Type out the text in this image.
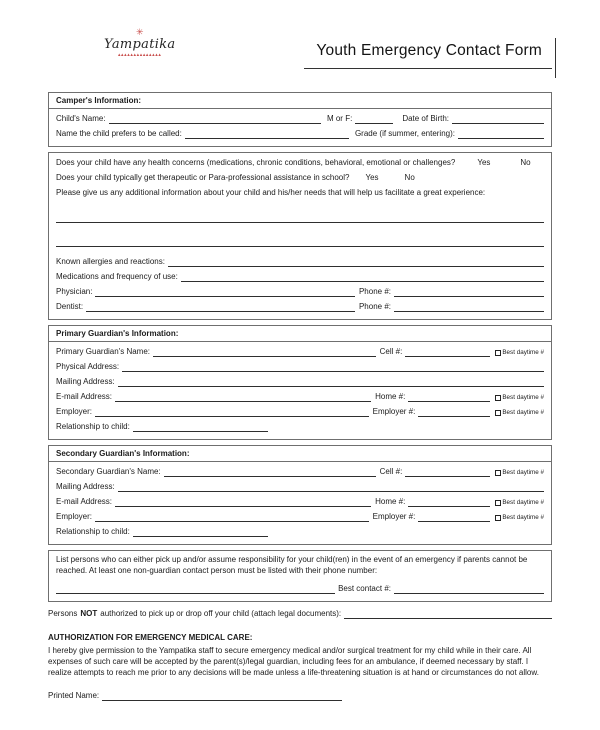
✳
Yampatika
▴▴▴▴▴▴▴▴▴▴▴▴▴▴	Youth Emergency Contact Form
Camper's Information:
Child's Name:	M or F:	Date of Birth:
Name the child prefers to be called:	Grade (if summer, entering):
Does your child have any health concerns (medications, chronic conditions, behavioral, emotional or challenges?	Yes	No
Does your child typically get therapeutic or Para-professional assistance in school? Yes	No
Please give us any additional information about your child and his/her needs that will help us facilitate a great experience:
Known allergies and reactions:
Medications and frequency of use:
Physician:	Phone #:
Dentist:	Phone #:
Primary Guardian's Information:
Primary Guardian's Name:	Cell #:	Best daytime #
Physical Address:
Mailing Address:
E-mail Address:	Home #:	Best daytime #
Employer:	Employer #:	Best daytime #
Relationship to child:
Secondary Guardian's Information:
Secondary Guardian's Name:	Cell #:	Best daytime #
Mailing Address:
E-mail Address:	Home #:	Best daytime #
Employer:	Employer #:	Best daytime #
Relationship to child:
List persons who can either pick up and/or assume responsibility for your child(ren) in the event of an emergency if parents cannot be reached. At least one non-guardian contact person must be listed with their phone number:
Best contact #:
Persons NOT authorized to pick up or drop off your child (attach legal documents):
AUTHORIZATION FOR EMERGENCY MEDICAL CARE:
I hereby give permission to the Yampatika staff to secure emergency medical and/or surgical treatment for my child while in their care. All expenses of such care will be accepted by the parent(s)/legal guardian, including fees for an ambulance, if deemed necessary by staff. I realize attempts to reach me prior to any decisions will be made unless a life-threatening situation is at hand or circumstances do not allow.
Printed Name:
